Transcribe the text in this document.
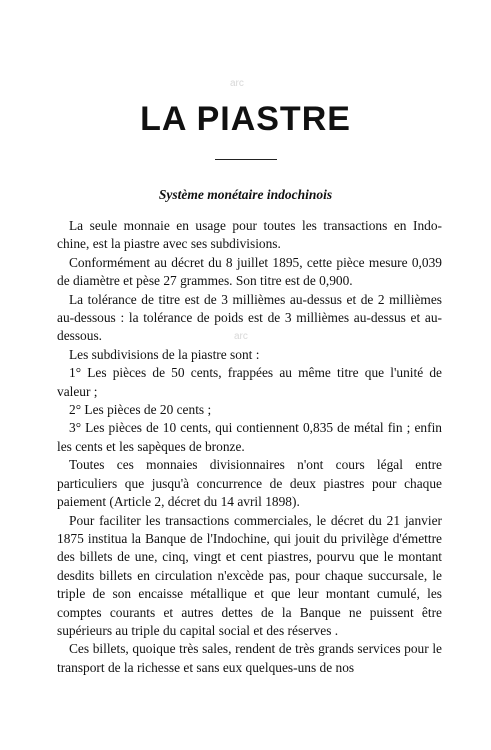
arc
LA PIASTRE
Système monétaire indochinois
arc

La seule monnaie en usage pour toutes les transactions en Indo-chine, est la piastre avec ses subdivisions.

Conformément au décret du 8 juillet 1895, cette pièce mesure 0,039 de diamètre et pèse 27 grammes. Son titre est de 0,900.

La tolérance de titre est de 3 millièmes au-dessus et de 2 millièmes au-dessous : la tolérance de poids est de 3 millièmes au-dessus et au-dessous.

Les subdivisions de la piastre sont :

1° Les pièces de 50 cents, frappées au même titre que l'unité de valeur ;

2° Les pièces de 20 cents ;

3° Les pièces de 10 cents, qui contiennent 0,835 de métal fin ; enfin les cents et les sapèques de bronze.

Toutes ces monnaies divisionnaires n'ont cours légal entre particuliers que jusqu'à concurrence de deux piastres pour chaque paiement (Article 2, décret du 14 avril 1898).

Pour faciliter les transactions commerciales, le décret du 21 janvier 1875 institua la Banque de l'Indochine, qui jouit du privilège d'émettre des billets de une, cinq, vingt et cent piastres, pourvu que le montant desdits billets en circulation n'excède pas, pour chaque succursale, le triple de son encaisse métallique et que leur montant cumulé, les comptes courants et autres dettes de la Banque ne puissent être supérieurs au triple du capital social et des réserves .

Ces billets, quoique très sales, rendent de très grands services pour le transport de la richesse et sans eux quelques-uns de nos
